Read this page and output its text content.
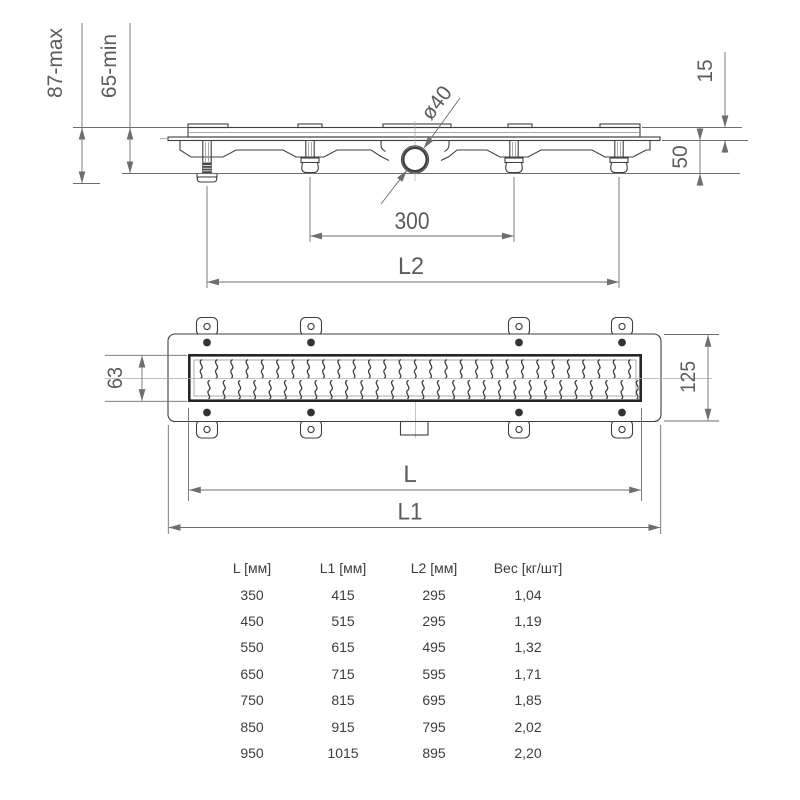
87-max 65-min	15
50
ø40
300
L2
63	125
L
L1
L [мм]	L1 [мм]	L2 [мм]	Вес [кг/шт]
350	415	295	1,04
450	515	295	1,19
550	615	495	1,32
650	715	595	1,71
750	815	695	1,85
850	915	795	2,02
950	1015	895	2,20
